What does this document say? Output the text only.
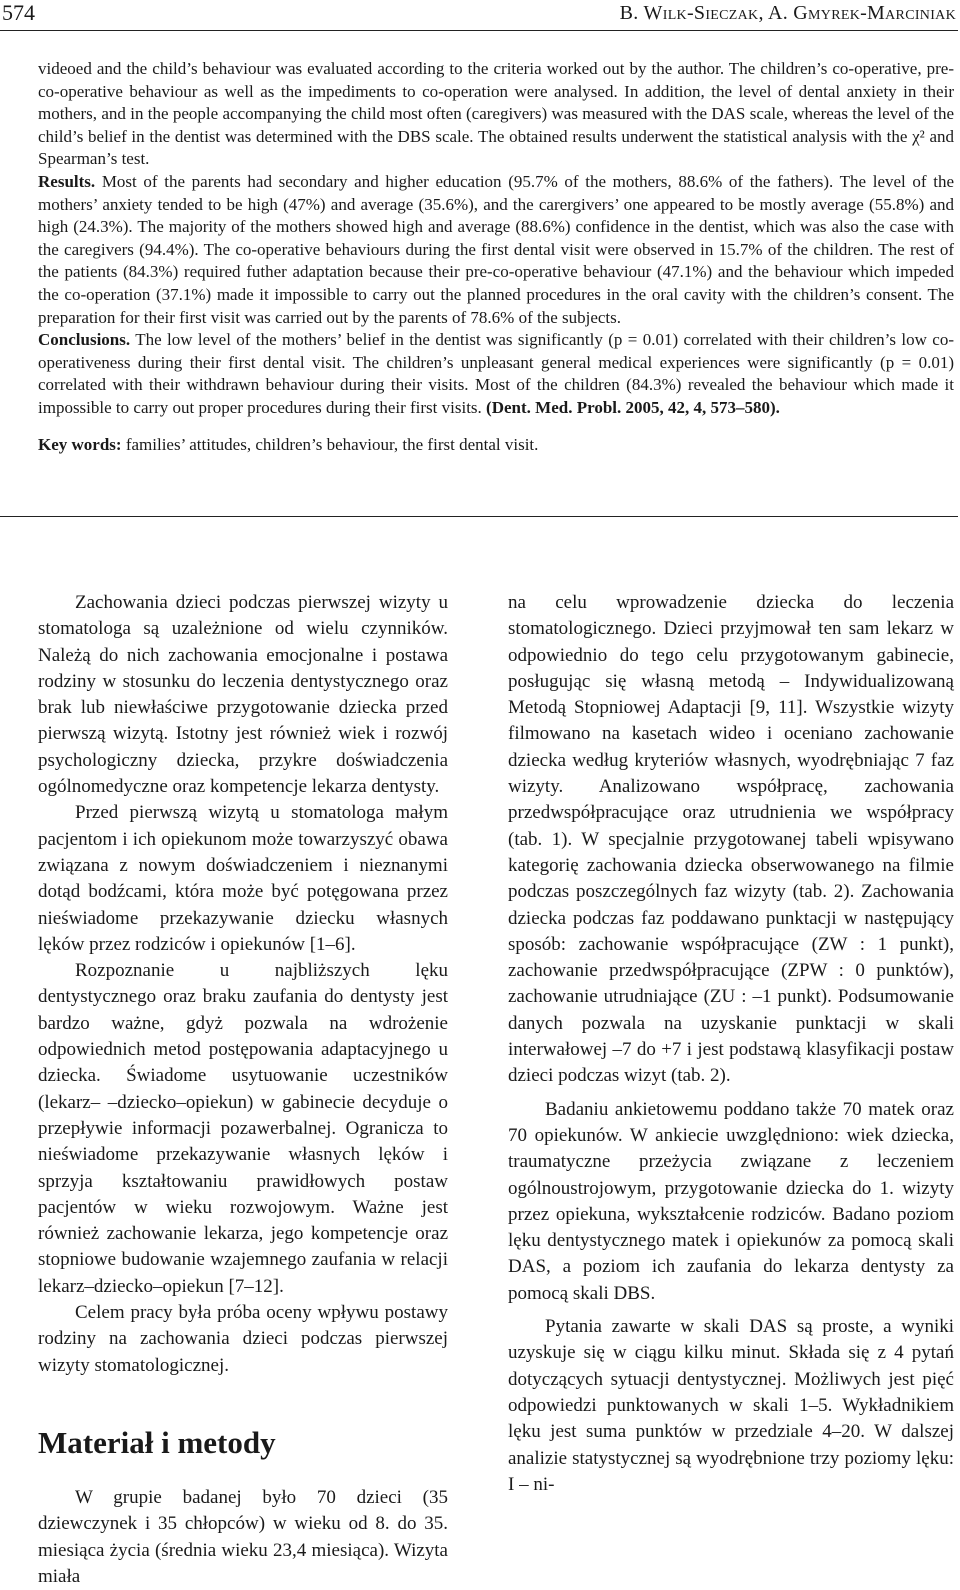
574	B. Wilk-Sieczak, A. Gmyrek-Marciniak

videoed and the child’s behaviour was evaluated according to the criteria worked out by the author. The children’s co-operative, pre-co-operative behaviour as well as the impediments to co-operation were analysed. In addition, the level of dental anxiety in their mothers, and in the people accompanying the child most often (caregivers) was measured with the DAS scale, whereas the level of the child’s belief in the dentist was determined with the DBS scale. The obtained results underwent the statistical analysis with the χ² and Spearman’s test.

Results. Most of the parents had secondary and higher education (95.7% of the mothers, 88.6% of the fathers). The level of the mothers’ anxiety tended to be high (47%) and average (35.6%), and the carergivers’ one appeared to be mostly average (55.8%) and high (24.3%). The majority of the mothers showed high and average (88.6%) confidence in the dentist, which was also the case with the caregivers (94.4%). The co-operative behaviours during the first dental visit were observed in 15.7% of the children. The rest of the patients (84.3%) required futher adaptation because their pre-co-operative behaviour (47.1%) and the behaviour which impeded the co-operation (37.1%) made it impossible to carry out the planned procedures in the oral cavity with the children’s consent. The preparation for their first visit was carried out by the parents of 78.6% of the subjects.

Conclusions. The low level of the mothers’ belief in the dentist was significantly (p = 0.01) correlated with their children’s low co-operativeness during their first dental visit. The children’s unpleasant general medical experiences were significantly (p = 0.01) correlated with their withdrawn behaviour during their visits. Most of the children (84.3%) revealed the behaviour which made it impossible to carry out proper procedures during their first visits. (Dent. Med. Probl. 2005, 42, 4, 573–580).

Key words: families’ attitudes, children’s behaviour, the first dental visit.

Zachowania dzieci podczas pierwszej wizyty u stomatologa są uzależnione od wielu czynników. Należą do nich zachowania emocjonalne i postawa rodziny w stosunku do leczenia dentystycznego oraz brak lub niewłaściwe przygotowanie dziecka przed pierwszą wizytą. Istotny jest również wiek i rozwój psychologiczny dziecka, przykre doświadczenia ogólnomedyczne oraz kompetencje lekarza dentysty.

Przed pierwszą wizytą u stomatologa małym pacjentom i ich opiekunom może towarzyszyć obawa związana z nowym doświadczeniem i nieznanymi dotąd bodźcami, która może być potęgowana przez nieświadome przekazywanie dziecku własnych lęków przez rodziców i opiekunów [1–6].

Rozpoznanie u najbliższych lęku dentystycznego oraz braku zaufania do dentysty jest bardzo ważne, gdyż pozwala na wdrożenie odpowiednich metod postępowania adaptacyjnego u dziecka. Świadome usytuowanie uczestników (lekarz– –dziecko–opiekun) w gabinecie decyduje o przepływie informacji pozawerbalnej. Ogranicza to nieświadome przekazywanie własnych lęków i sprzyja kształtowaniu prawidłowych postaw pacjentów w wieku rozwojowym. Ważne jest również zachowanie lekarza, jego kompetencje oraz stopniowe budowanie wzajemnego zaufania w relacji lekarz–dziecko–opiekun [7–12].

Celem pracy była próba oceny wpływu postawy rodziny na zachowania dzieci podczas pierwszej wizyty stomatologicznej.

Materiał i metody

W grupie badanej było 70 dzieci (35 dziewczynek i 35 chłopców) w wieku od 8. do 35. miesiąca życia (średnia wieku 23,4 miesiąca). Wizyta miała

na celu wprowadzenie dziecka do leczenia stomatologicznego. Dzieci przyjmował ten sam lekarz w odpowiednio do tego celu przygotowanym gabinecie, posługując się własną metodą – Indywidualizowaną Metodą Stopniowej Adaptacji [9, 11]. Wszystkie wizyty filmowano na kasetach wideo i oceniano zachowanie dziecka według kryteriów własnych, wyodrębniając 7 faz wizyty. Analizowano współpracę, zachowania przedwspółpracujące oraz utrudnienia we współpracy (tab. 1). W specjalnie przygotowanej tabeli wpisywano kategorię zachowania dziecka obserwowanego na filmie podczas poszczególnych faz wizyty (tab. 2). Zachowania dziecka podczas faz poddawano punktacji w następujący sposób: zachowanie współpracujące (ZW : 1 punkt), zachowanie przedwspółpracujące (ZPW : 0 punktów), zachowanie utrudniające (ZU : –1 punkt). Podsumowanie danych pozwala na uzyskanie punktacji w skali interwałowej –7 do +7 i jest podstawą klasyfikacji postaw dzieci podczas wizyt (tab. 2).

Badaniu ankietowemu poddano także 70 matek oraz 70 opiekunów. W ankiecie uwzględniono: wiek dziecka, traumatyczne przeżycia związane z leczeniem ogólnoustrojowym, przygotowanie dziecka do 1. wizyty przez opiekuna, wykształcenie rodziców. Badano poziom lęku dentystycznego matek i opiekunów za pomocą skali DAS, a poziom ich zaufania do lekarza dentysty za pomocą skali DBS.

Pytania zawarte w skali DAS są proste, a wyniki uzyskuje się w ciągu kilku minut. Składa się z 4 pytań dotyczących sytuacji dentystycznej. Możliwych jest pięć odpowiedzi punktowanych w skali 1–5. Wykładnikiem lęku jest suma punktów w przedziale 4–20. W dalszej analizie statystycznej są wyodrębnione trzy poziomy lęku: I – ni-
